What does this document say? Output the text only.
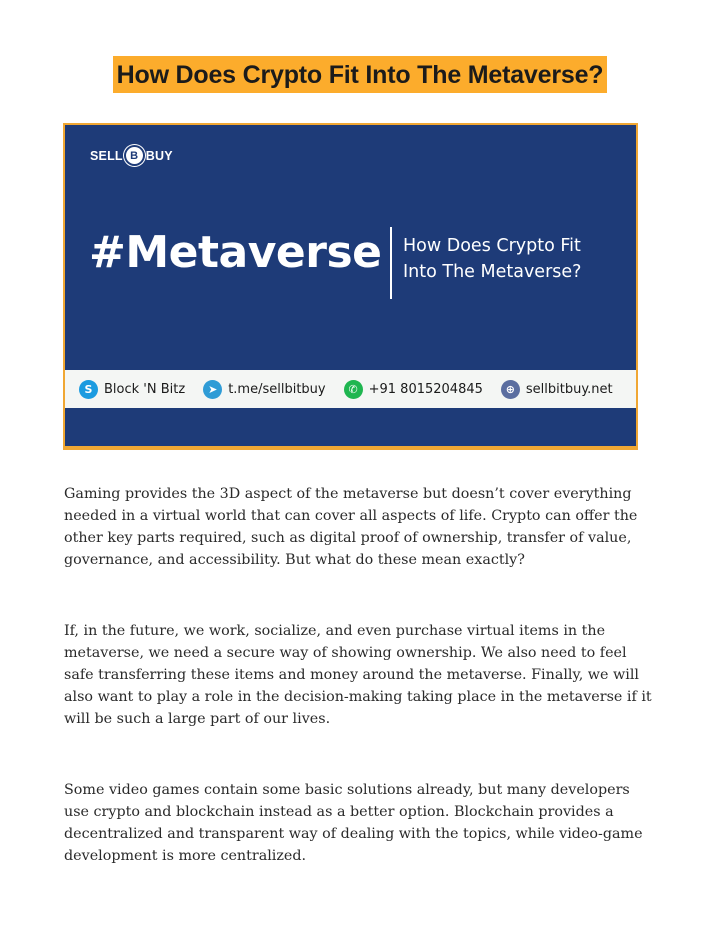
How Does Crypto Fit Into The Metaverse?
SELL B BUY
#Metaverse How Does Crypto Fit
Into The Metaverse?
S Block 'N Bitz	➤ t.me/sellbitbuy	✆ +91 8015204845	⊕ sellbitbuy.net

Gaming provides the 3D aspect of the metaverse but doesn’t cover everything needed in a virtual world that can cover all aspects of life. Crypto can offer the other key parts required, such as digital proof of ownership, transfer of value, governance, and accessibility. But what do these mean exactly?

If, in the future, we work, socialize, and even purchase virtual items in the metaverse, we need a secure way of showing ownership. We also need to feel safe transferring these items and money around the metaverse. Finally, we will also want to play a role in the decision-making taking place in the metaverse if it will be such a large part of our lives.

Some video games contain some basic solutions already, but many developers use crypto and blockchain instead as a better option. Blockchain provides a decentralized and transparent way of dealing with the topics, while video-game development is more centralized.
